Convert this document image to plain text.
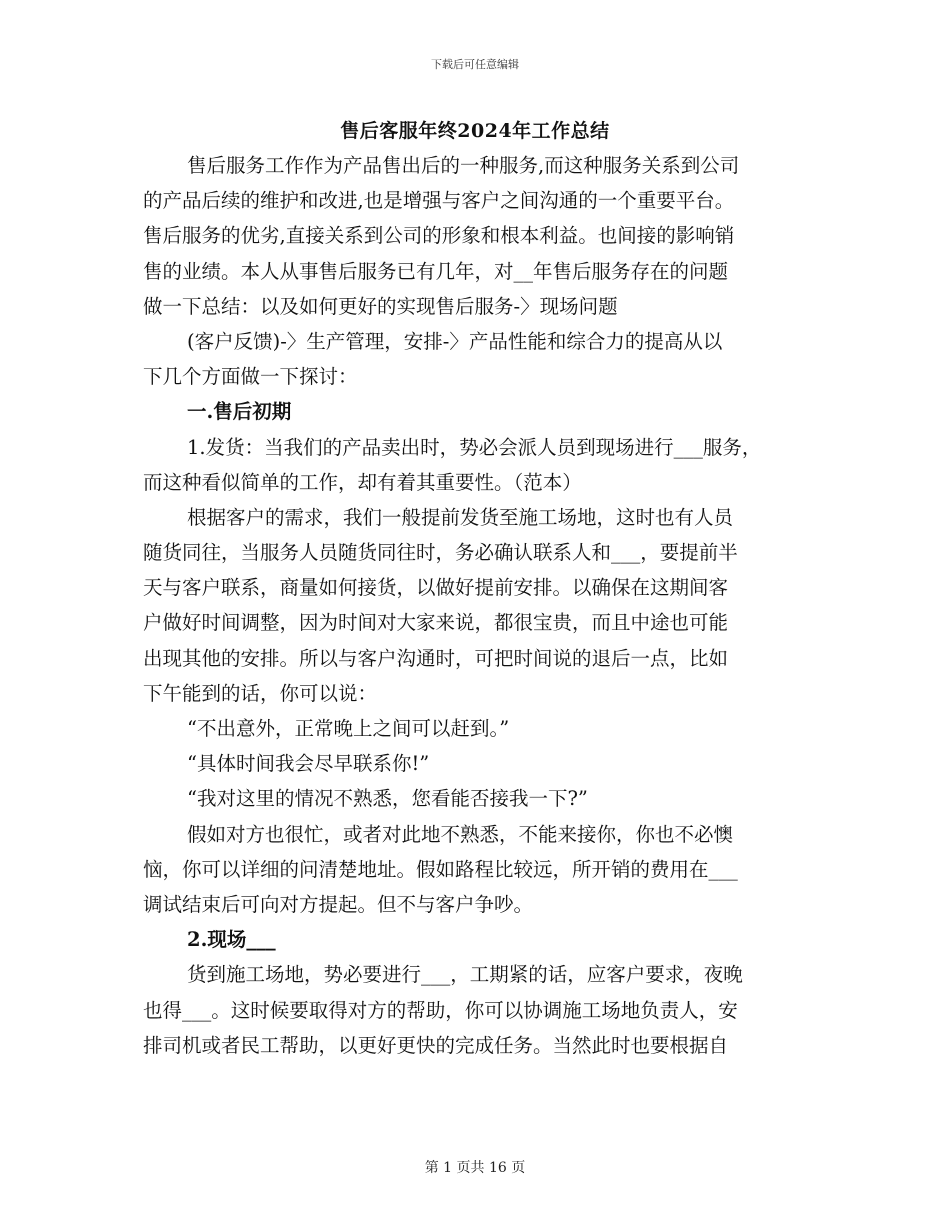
下载后可任意编辑
售后客服年终2024年工作总结
售后服务工作作为产品售出后的一种服务,而这种服务关系到公司
的产品后续的维护和改进,也是增强与客户之间沟通的一个重要平台。
售后服务的优劣,直接关系到公司的形象和根本利益。也间接的影响销
售的业绩。本人从事售后服务已有几年，对__年售后服务存在的问题
做一下总结：以及如何更好的实现售后服务-〉现场问题
(客户反馈)-〉生产管理，安排-〉产品性能和综合力的提高从以
下几个方面做一下探讨：
一.售后初期
1.发货：当我们的产品卖出时，势必会派人员到现场进行___服务，
而这种看似简单的工作，却有着其重要性。（范本）
根据客户的需求，我们一般提前发货至施工场地，这时也有人员
随货同往，当服务人员随货同往时，务必确认联系人和___，要提前半
天与客户联系，商量如何接货，以做好提前安排。以确保在这期间客
户做好时间调整，因为时间对大家来说，都很宝贵，而且中途也可能
出现其他的安排。所以与客户沟通时，可把时间说的退后一点，比如
下午能到的话，你可以说：
“不出意外，正常晚上之间可以赶到。”
“具体时间我会尽早联系你!”
“我对这里的情况不熟悉，您看能否接我一下?”
假如对方也很忙，或者对此地不熟悉，不能来接你，你也不必懊
恼，你可以详细的问清楚地址。假如路程比较远，所开销的费用在___
调试结束后可向对方提起。但不与客户争吵。
2.现场___
货到施工场地，势必要进行___，工期紧的话，应客户要求，夜晚
也得___。这时候要取得对方的帮助，你可以协调施工场地负责人，安
排司机或者民工帮助，以更好更快的完成任务。当然此时也要根据自
第 1 页共 16 页
